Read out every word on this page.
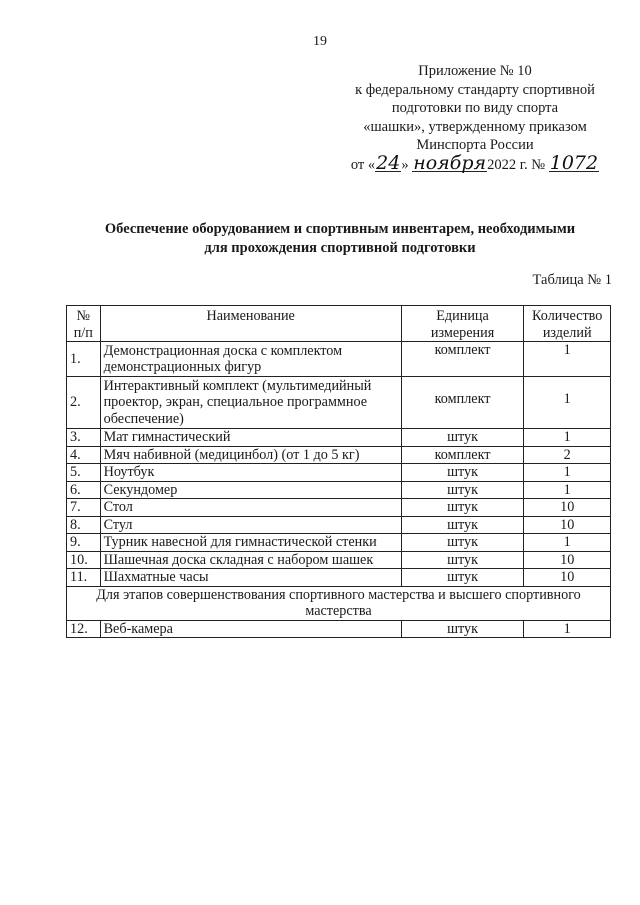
19
Приложение № 10
к федеральному стандарту спортивной
подготовки по виду спорта
«шашки», утвержденному приказом
Минспорта России
от «24» ноября2022 г. № 1072
Обеспечение оборудованием и спортивным инвентарем, необходимыми
для прохождения спортивной подготовки
Таблица № 1
№ п/п	Наименование	Единица измерения	Количество изделий
1.	Демонстрационная доска с комплектом демонстрационных фигур	комплект	1
2.	Интерактивный комплект (мультимедийный проектор, экран, специальное программное обеспечение)	комплект	1
3.	Мат гимнастический	штук	1
4.	Мяч набивной (медицинбол) (от 1 до 5 кг)	комплект	2
5.	Ноутбук	штук	1
6.	Секундомер	штук	1
7.	Стол	штук	10
8.	Стул	штук	10
9.	Турник навесной для гимнастической стенки	штук	1
10.	Шашечная доска складная с набором шашек	штук	10
11.	Шахматные часы	штук	10
Для этапов совершенствования спортивного мастерства и высшего спортивного мастерства			
12.	Веб-камера	штук	1
